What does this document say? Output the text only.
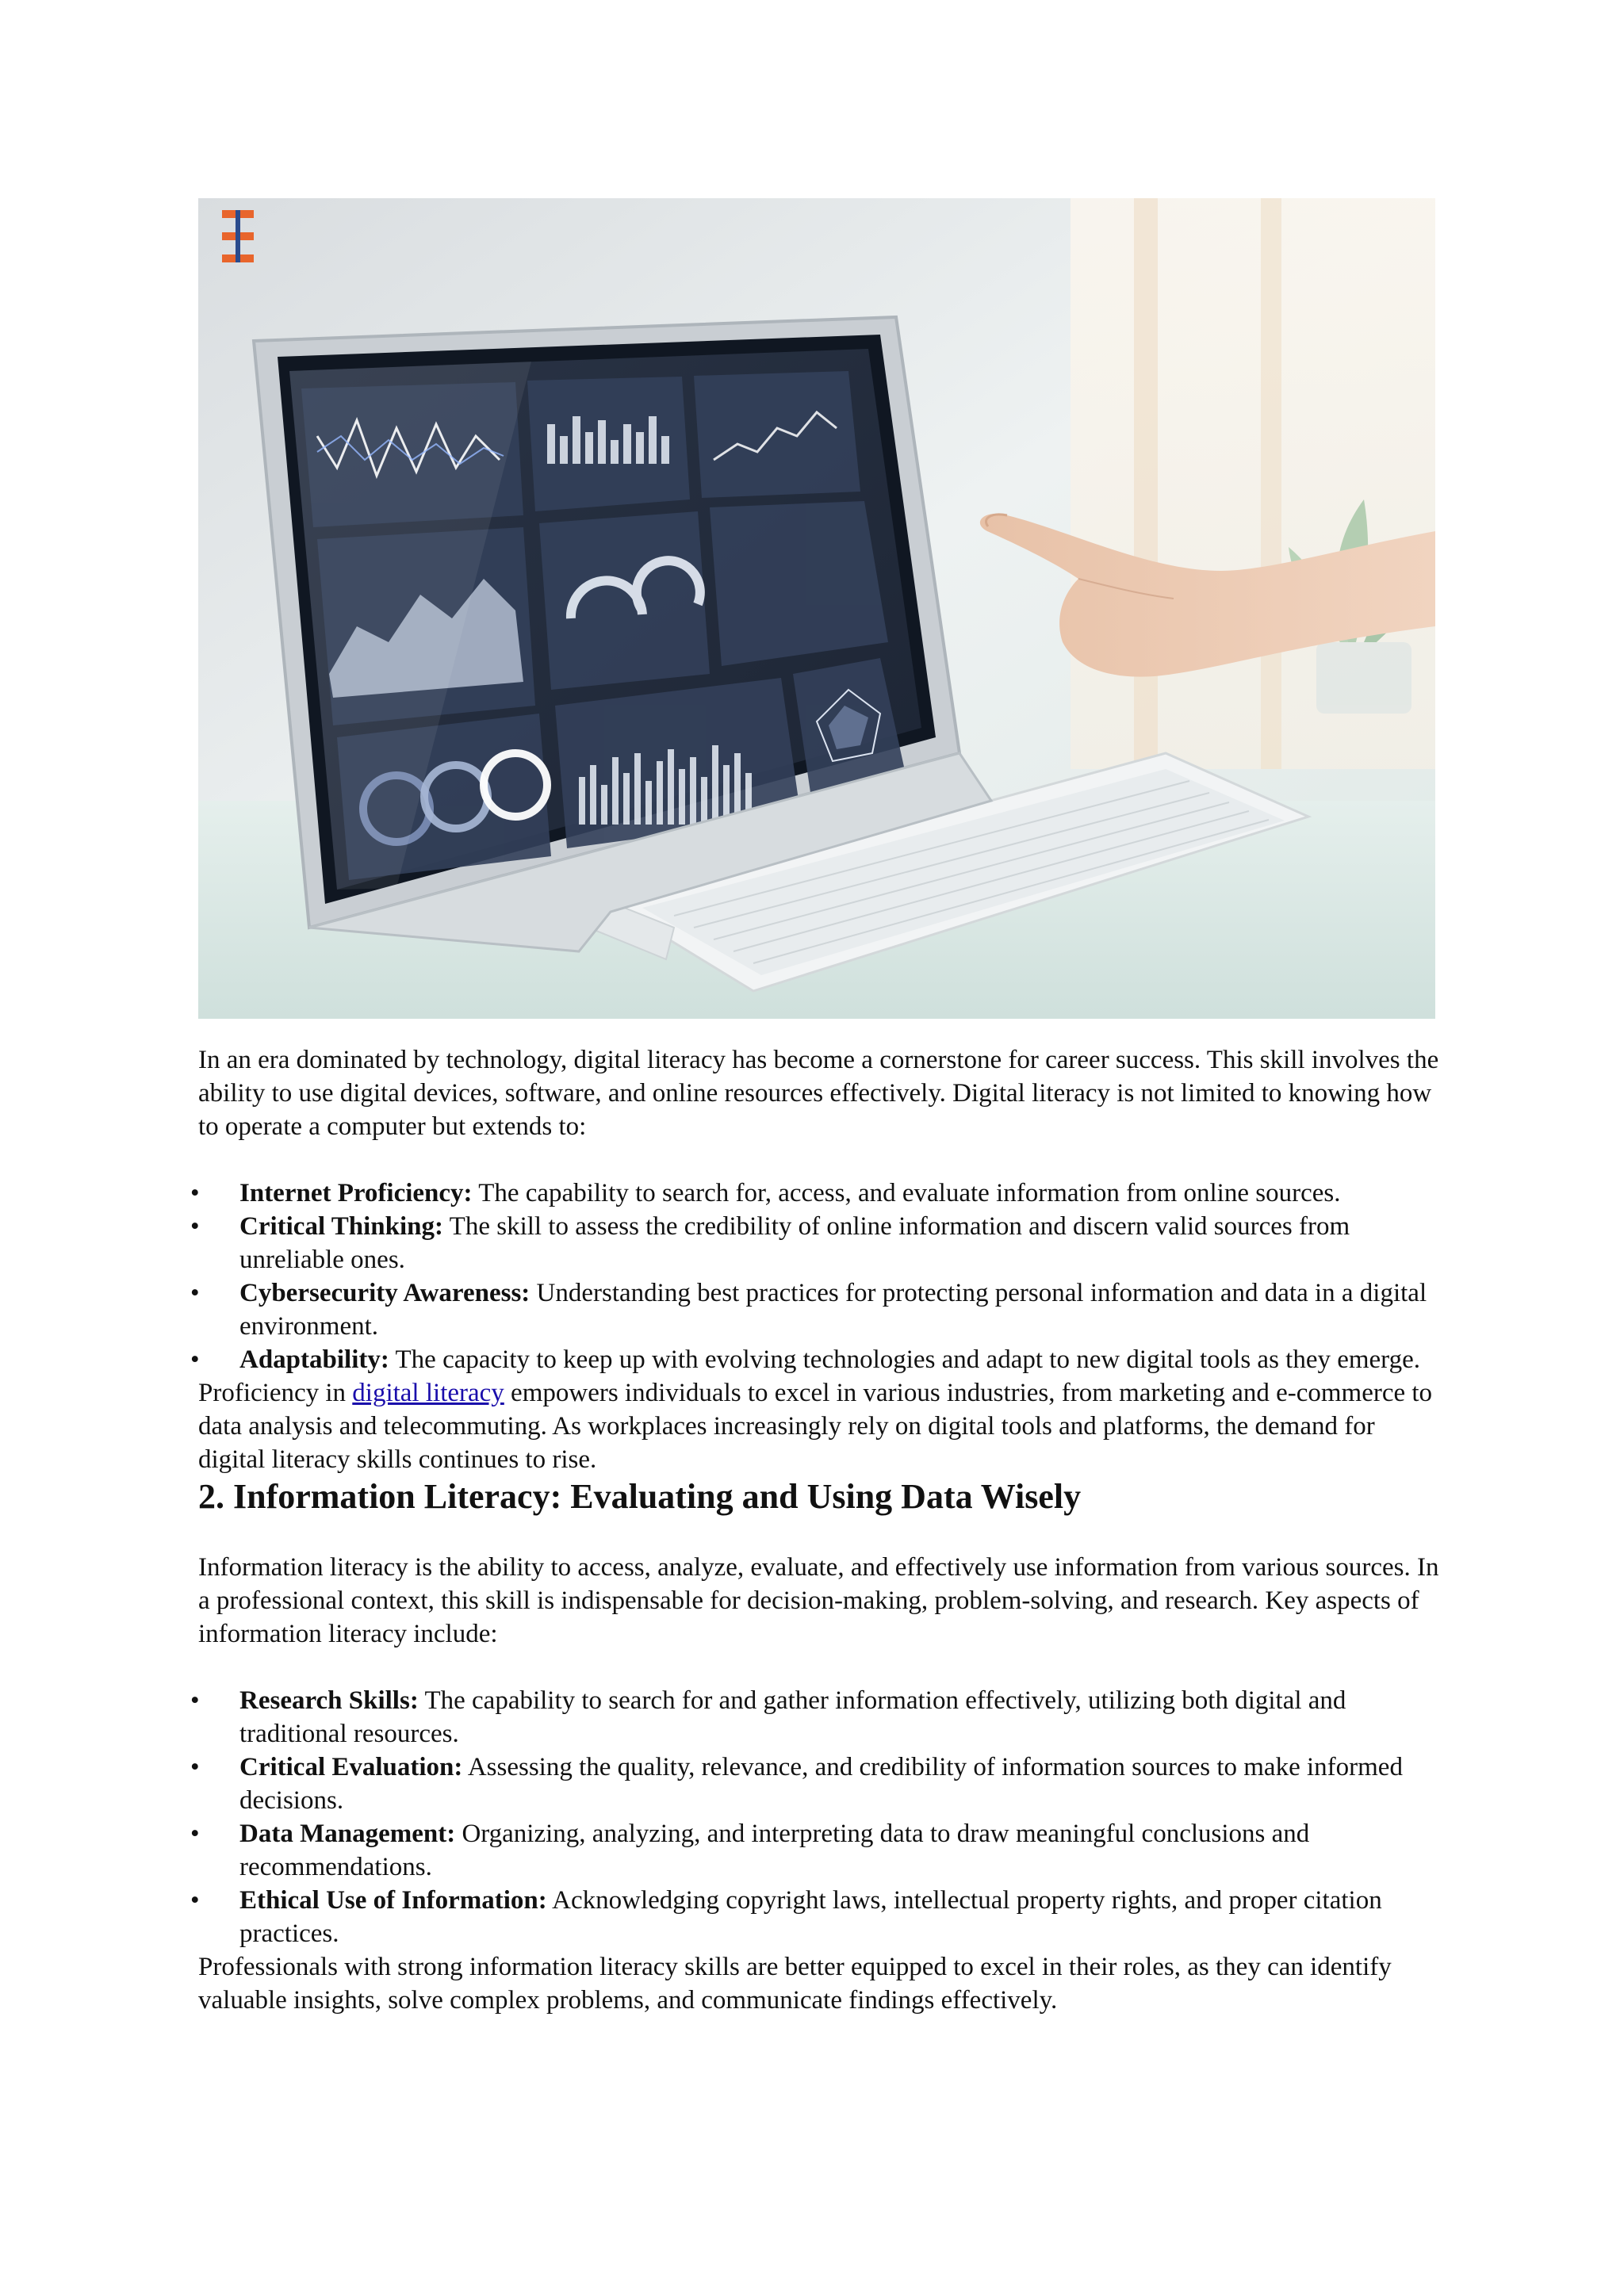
In an era dominated by technology, digital literacy has become a cornerstone for career success. This skill involves the ability to use digital devices, software, and online resources effectively. Digital literacy is not limited to knowing how to operate a computer but extends to:

• Internet Proficiency: The capability to search for, access, and evaluate information from online sources.
• Critical Thinking: The skill to assess the credibility of online information and discern valid sources from unreliable ones.
• Cybersecurity Awareness: Understanding best practices for protecting personal information and data in a digital environment.
• Adaptability: The capacity to keep up with evolving technologies and adapt to new digital tools as they emerge.

Proficiency in digital literacy empowers individuals to excel in various industries, from marketing and e-commerce to data analysis and telecommuting. As workplaces increasingly rely on digital tools and platforms, the demand for digital literacy skills continues to rise.

2. Information Literacy: Evaluating and Using Data Wisely

Information literacy is the ability to access, analyze, evaluate, and effectively use information from various sources. In a professional context, this skill is indispensable for decision-making, problem-solving, and research. Key aspects of information literacy include:

• Research Skills: The capability to search for and gather information effectively, utilizing both digital and traditional resources.
• Critical Evaluation: Assessing the quality, relevance, and credibility of information sources to make informed decisions.
• Data Management: Organizing, analyzing, and interpreting data to draw meaningful conclusions and recommendations.
• Ethical Use of Information: Acknowledging copyright laws, intellectual property rights, and proper citation practices.

Professionals with strong information literacy skills are better equipped to excel in their roles, as they can identify valuable insights, solve complex problems, and communicate findings effectively.
